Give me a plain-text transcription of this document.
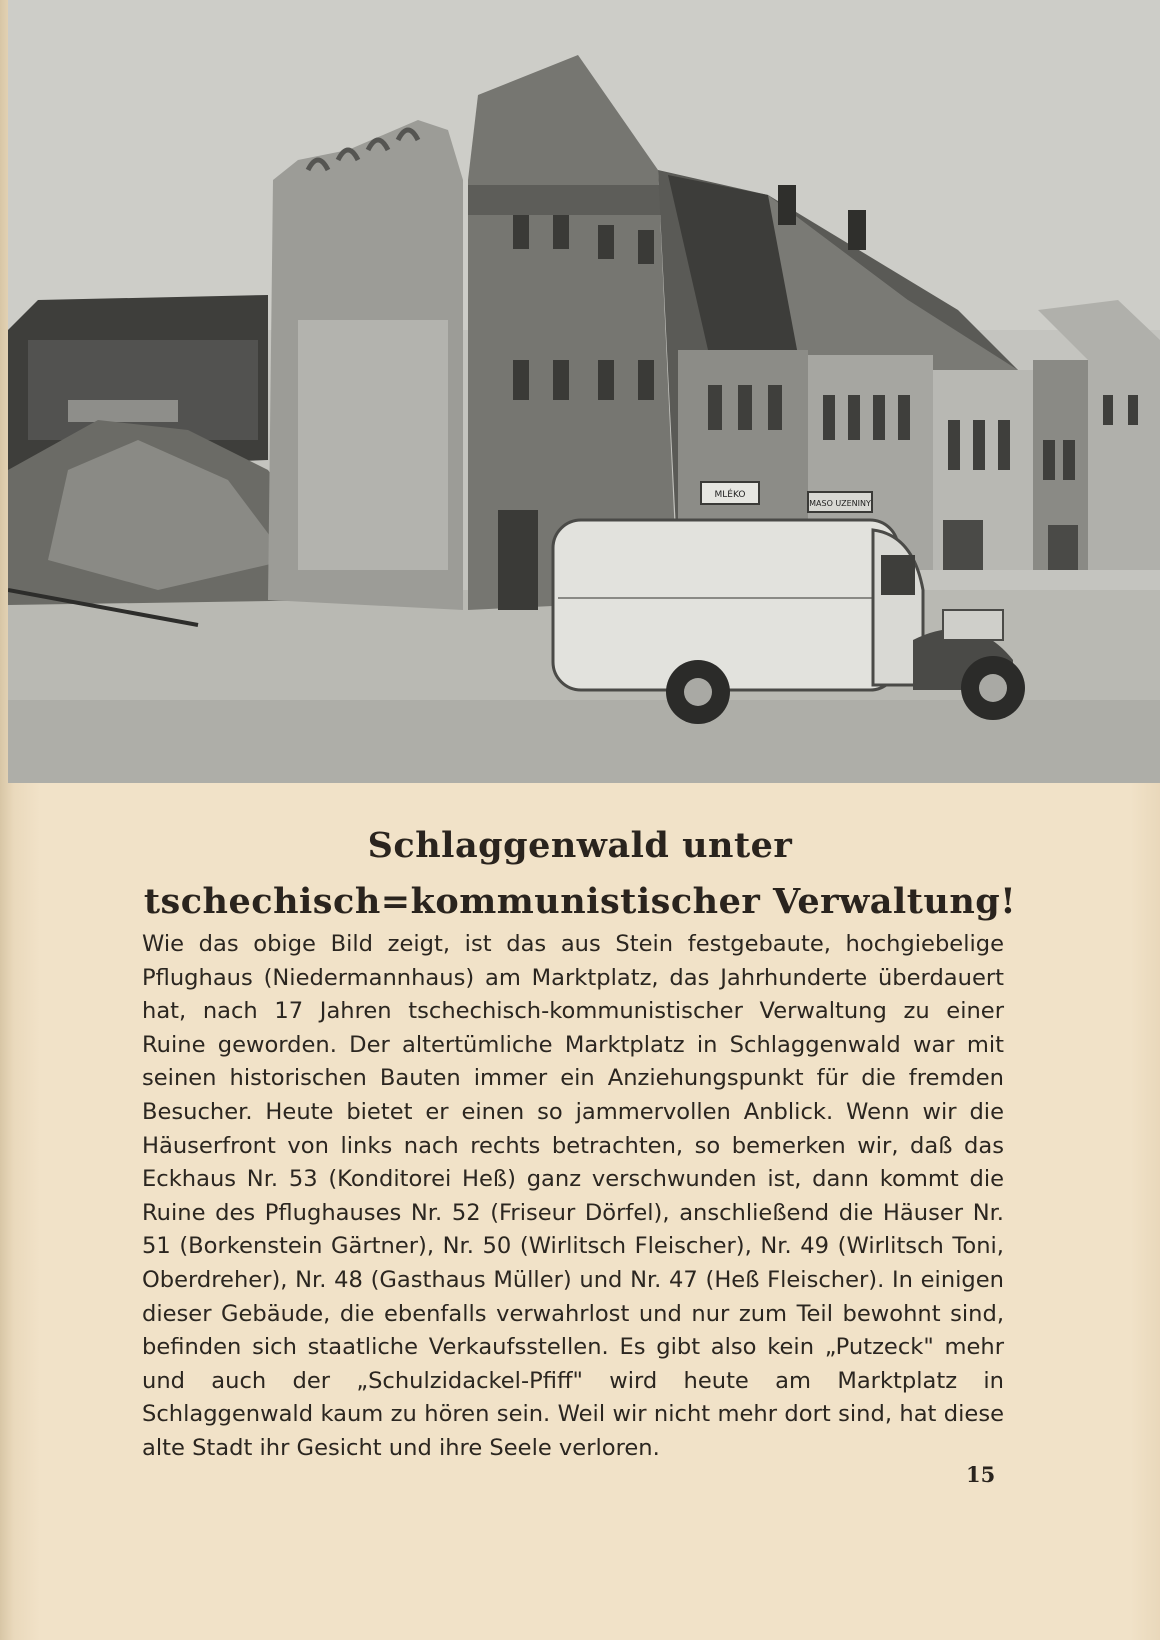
MLÉKO
MASO UZENINY
Schlaggenwald unter tschechisch=kommunistischer Verwaltung!
Wie das obige Bild zeigt, ist das aus Stein festgebaute, hochgiebelige Pflughaus (Niedermannhaus) am Marktplatz, das Jahrhunderte überdauert hat, nach 17 Jahren tschechisch-kommunistischer Verwaltung zu einer Ruine geworden. Der altertümliche Marktplatz in Schlaggenwald war mit seinen historischen Bauten immer ein Anziehungspunkt für die fremden Besucher. Heute bietet er einen so jammervollen Anblick. Wenn wir die Häuserfront von links nach rechts betrachten, so bemerken wir, daß das Eckhaus Nr. 53 (Konditorei Heß) ganz verschwunden ist, dann kommt die Ruine des Pflughauses Nr. 52 (Friseur Dörfel), anschließend die Häuser Nr. 51 (Borkenstein Gärtner), Nr. 50 (Wirlitsch Fleischer), Nr. 49 (Wirlitsch Toni, Oberdreher), Nr. 48 (Gasthaus Müller) und Nr. 47 (Heß Fleischer). In einigen dieser Gebäude, die ebenfalls verwahrlost und nur zum Teil bewohnt sind, befinden sich staatliche Verkaufsstellen. Es gibt also kein „Putzeck" mehr und auch der „Schulzidackel-Pfiff" wird heute am Marktplatz in Schlaggenwald kaum zu hören sein. Weil wir nicht mehr dort sind, hat diese alte Stadt ihr Gesicht und ihre Seele verloren.
15
